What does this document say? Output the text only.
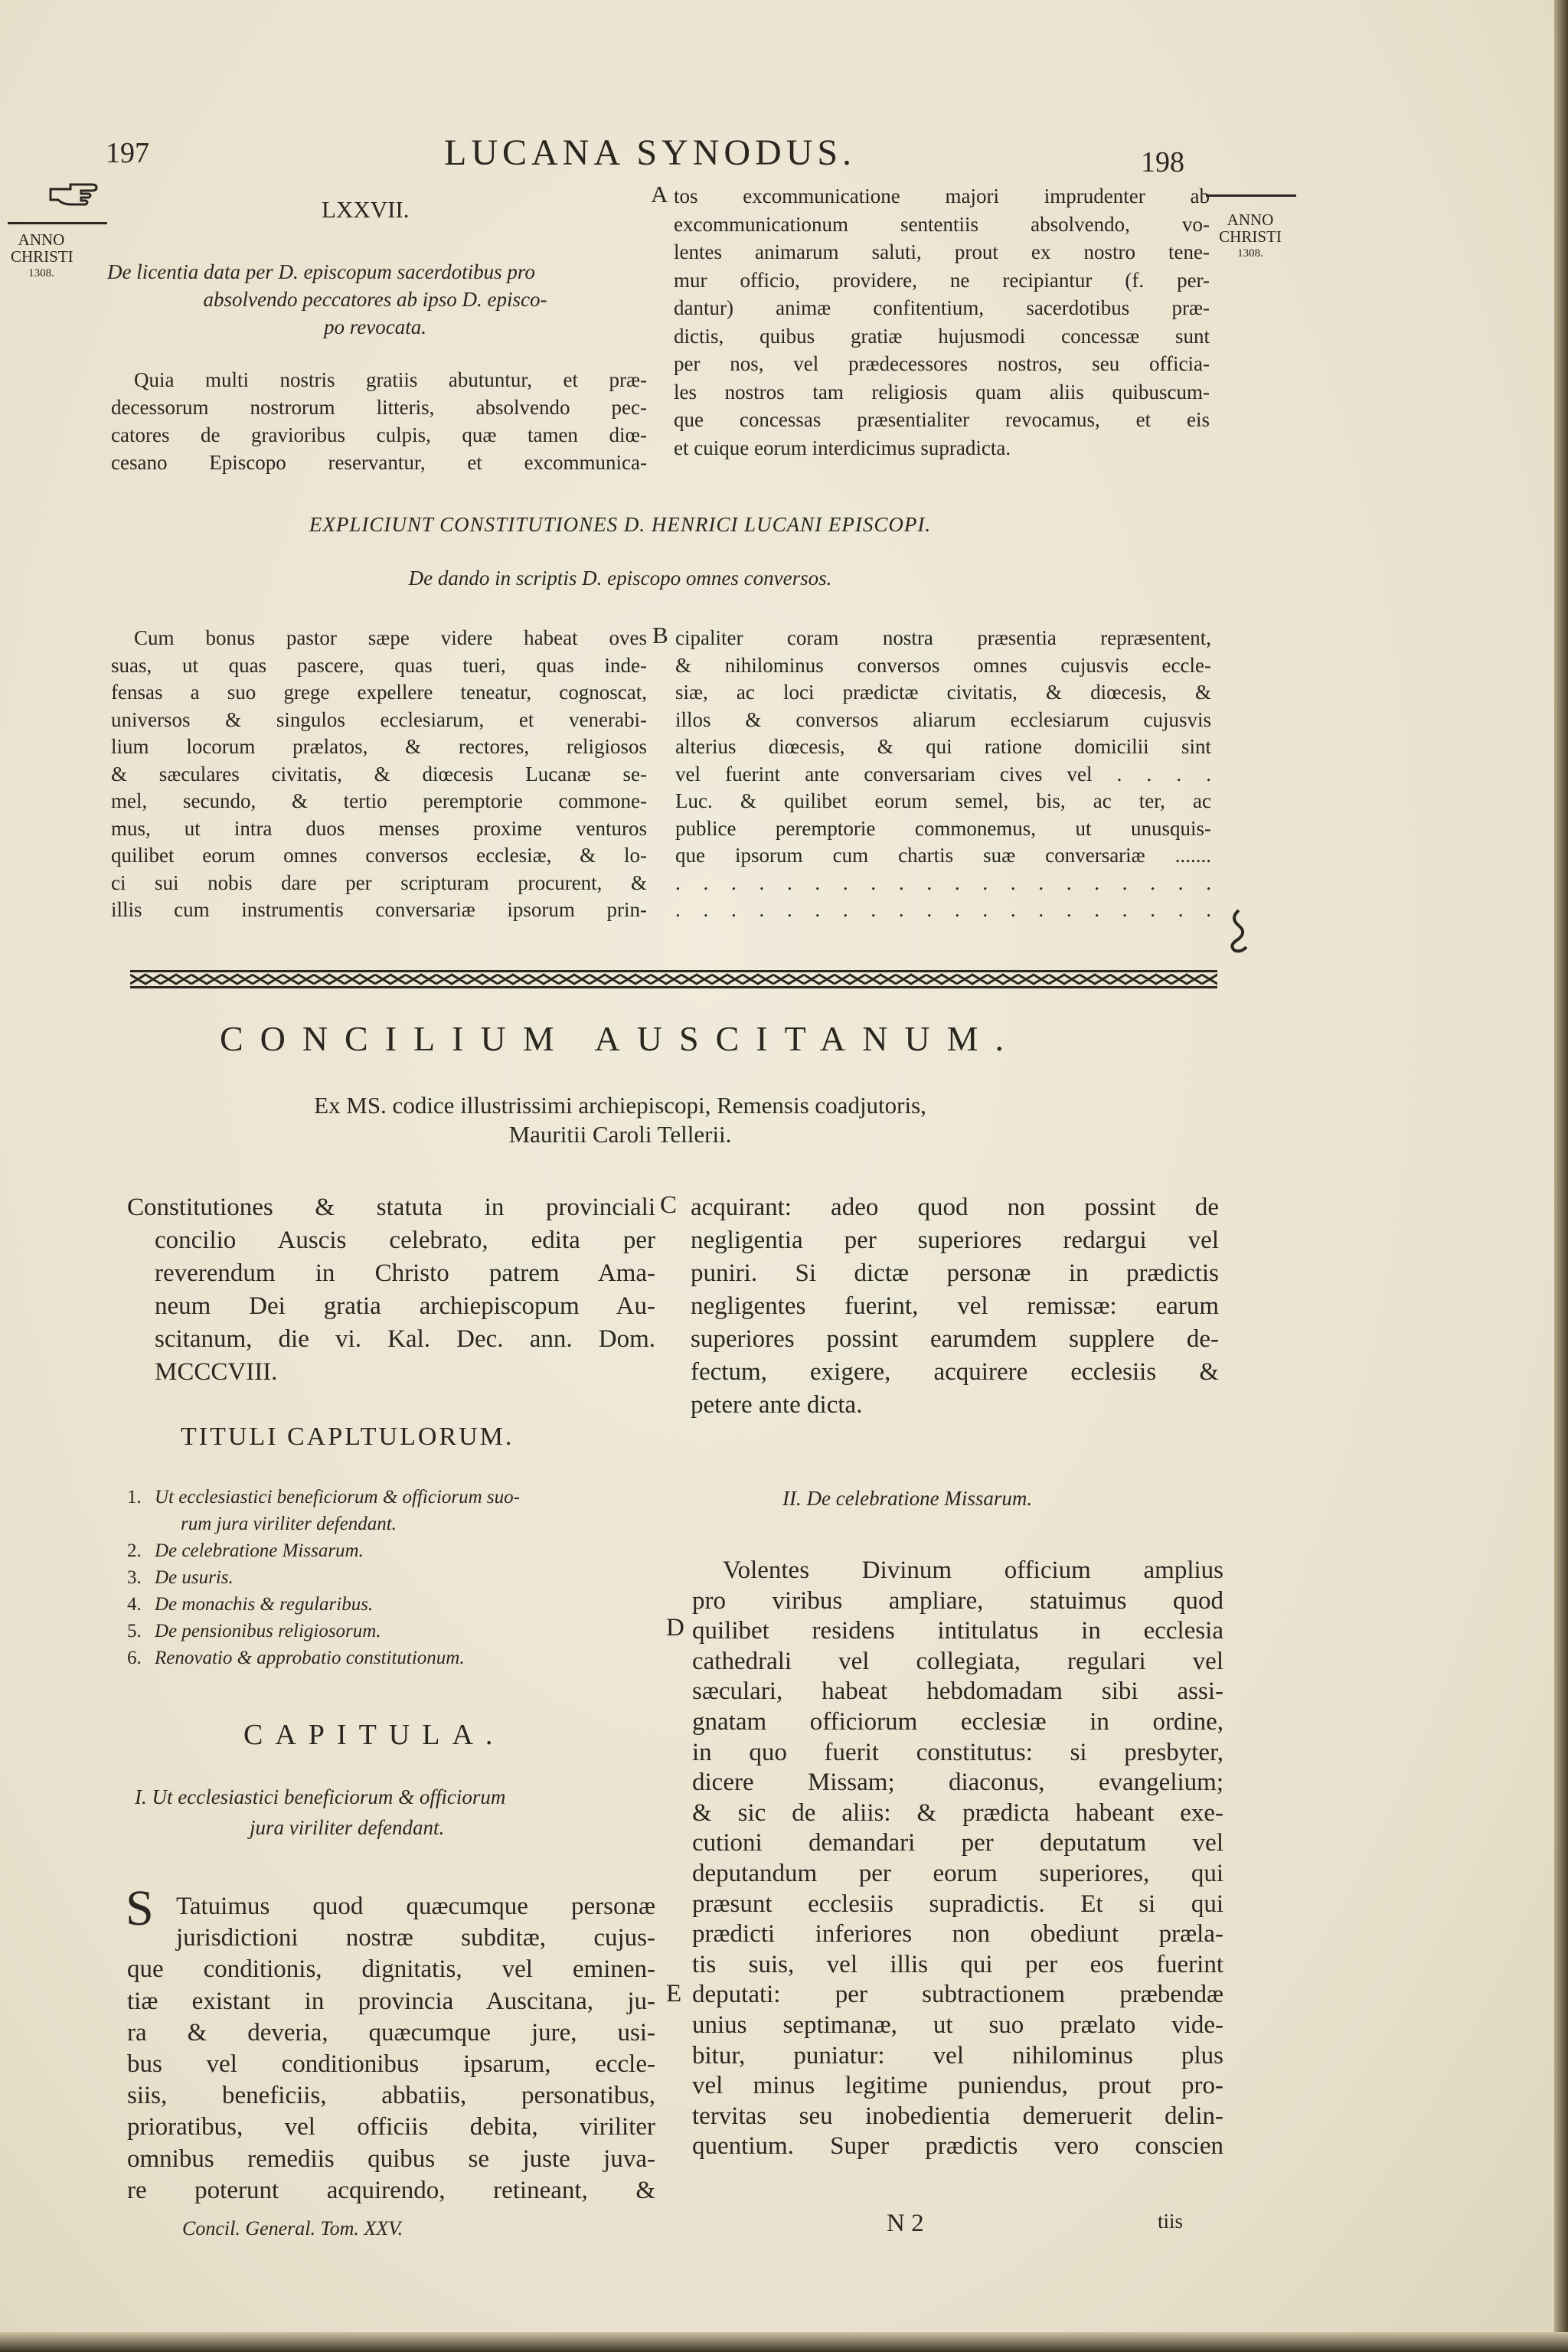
197	LUCANA SYNODUS.	198
ANNO
CHRISTI
1308.
ANNO
CHRISTI
1308.
LXXVII.
De licentia data per D. episcopum sacerdotibus pro
absolvendo peccatores ab ipso D. episco-
po revocata.
Quia multi nostris gratiis abutuntur, et præ-
decessorum nostrorum litteris, absolvendo pec-
catores de gravioribus culpis, quæ tamen diœ-
cesano Episcopo reservantur, et excommunica-
A tos excommunicatione majori imprudenter ab
excommunicationum sententiis absolvendo, vo-
lentes animarum saluti, prout ex nostro tene-
mur officio, providere, ne recipiantur (f. per-
dantur) animæ confitentium, sacerdotibus præ-
dictis, quibus gratiæ hujusmodi concessæ sunt
per nos, vel prædecessores nostros, seu officia-
les nostros tam religiosis quam aliis quibuscum-
que concessas præsentialiter revocamus, et eis
et cuique eorum interdicimus supradicta.
EXPLICIUNT CONSTITUTIONES D. HENRICI LUCANI EPISCOPI.
De dando in scriptis D. episcopo omnes conversos.
Cum bonus pastor sæpe videre habeat oves
suas, ut quas pascere, quas tueri, quas inde-
fensas a suo grege expellere teneatur, cognoscat,
universos & singulos ecclesiarum, et venerabi-
lium locorum prælatos, & rectores, religiosos
& sæculares civitatis, & diœcesis Lucanæ se-
mel, secundo, & tertio peremptorie commone-
mus, ut intra duos menses proxime venturos
quilibet eorum omnes conversos ecclesiæ, & lo-
ci sui nobis dare per scripturam procurent, &
illis cum instrumentis conversariæ ipsorum prin-
B cipaliter coram nostra præsentia repræsentent,
& nihilominus conversos omnes cujusvis eccle-
siæ, ac loci prædictæ civitatis, & diœcesis, &
illos & conversos aliarum ecclesiarum cujusvis
alterius diœcesis, & qui ratione domicilii sint
vel fuerint ante conversariam cives vel . . . .
Luc. & quilibet eorum semel, bis, ac ter, ac
publice peremptorie commonemus, ut unusquis-
que ipsorum cum chartis suæ conversariæ .......
. . . . . . . . . . . . . . . . . . . .
. . . . . . . . . . . . . . . . . . . .
CONCILIUM AUSCITANUM.
Ex MS. codice illustrissimi archiepiscopi, Remensis coadjutoris,
Mauritii Caroli Tellerii.
Constitutiones & statuta in provinciali
concilio Auscis celebrato, edita per
reverendum in Christo patrem Ama-
neum Dei gratia archiepiscopum Au-
scitanum, die vi. Kal. Dec. ann. Dom.
MCCCVIII.
C acquirant: adeo quod non possint de
negligentia per superiores redargui vel
puniri. Si dictæ personæ in prædictis
negligentes fuerint, vel remissæ: earum
superiores possint earumdem supplere de-
fectum, exigere, acquirere ecclesiis &
petere ante dicta.
TITULI CAPLTULORUM.
1. Ut ecclesiastici beneficiorum & officiorum suo-
rum jura viriliter defendant.
2. De celebratione Missarum.
3. De usuris.
4. De monachis & regularibus.
5. De pensionibus religiosorum.
6. Renovatio & approbatio constitutionum.
CAPITULA.
I. Ut ecclesiastici beneficiorum & officiorum
jura viriliter defendant.
S Tatuimus quod quæcumque personæ
jurisdictioni nostræ subditæ, cujus-
que conditionis, dignitatis, vel eminen-
tiæ existant in provincia Auscitana, ju-
ra & deveria, quæcumque jure, usi-
bus vel conditionibus ipsarum, eccle-
siis, beneficiis, abbatiis, personatibus,
prioratibus, vel officiis debita, viriliter
omnibus remediis quibus se juste juva-
re poterunt acquirendo, retineant, &
II. De celebratione Missarum.
D
E
Volentes Divinum officium amplius
pro viribus ampliare, statuimus quod
quilibet residens intitulatus in ecclesia
cathedrali vel collegiata, regulari vel
sæculari, habeat hebdomadam sibi assi-
gnatam officiorum ecclesiæ in ordine,
in quo fuerit constitutus: si presbyter,
dicere Missam; diaconus, evangelium;
& sic de aliis: & prædicta habeant exe-
cutioni demandari per deputatum vel
deputandum per eorum superiores, qui
præsunt ecclesiis supradictis. Et si qui
prædicti inferiores non obediunt præla-
tis suis, vel illis qui per eos fuerint
deputati: per subtractionem præbendæ
unius septimanæ, ut suo prælato vide-
bitur, puniatur: vel nihilominus plus
vel minus legitime puniendus, prout pro-
tervitas seu inobedientia demeruerit delin-
quentium. Super prædictis vero conscien
Concil. General. Tom. XXV.	N 2	tiis
